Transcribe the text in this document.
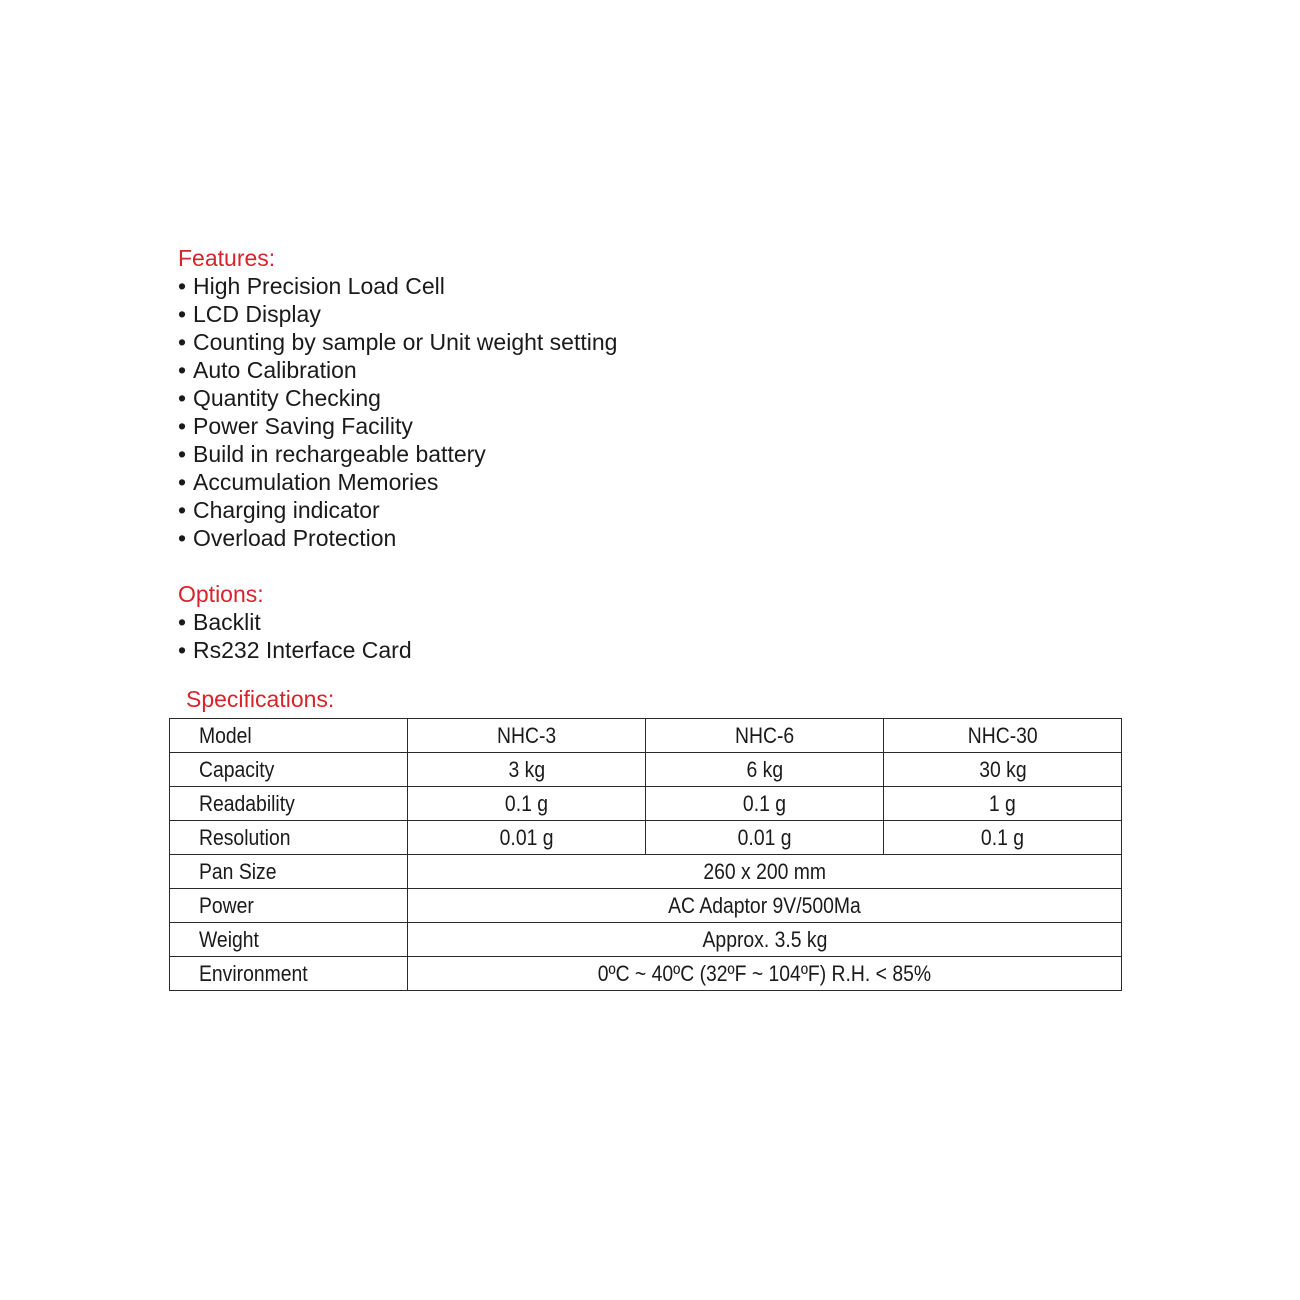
Features:
• High Precision Load Cell
• LCD Display
• Counting by sample or Unit weight setting
• Auto Calibration
• Quantity Checking
• Power Saving Facility
• Build in rechargeable battery
• Accumulation Memories
• Charging indicator
• Overload Protection
Options:
• Backlit
• Rs232 Interface Card
Specifications:
Model	NHC-3	NHC-6	NHC-30
Capacity	3 kg	6 kg	30 kg
Readability	0.1 g	0.1 g	1 g
Resolution	0.01 g	0.01 g	0.1 g
Pan Size	260 x 200 mm		
Power	AC Adaptor 9V/500Ma		
Weight	Approx. 3.5 kg		
Environment	0ºC ~ 40ºC (32ºF ~ 104ºF) R.H. < 85%		
